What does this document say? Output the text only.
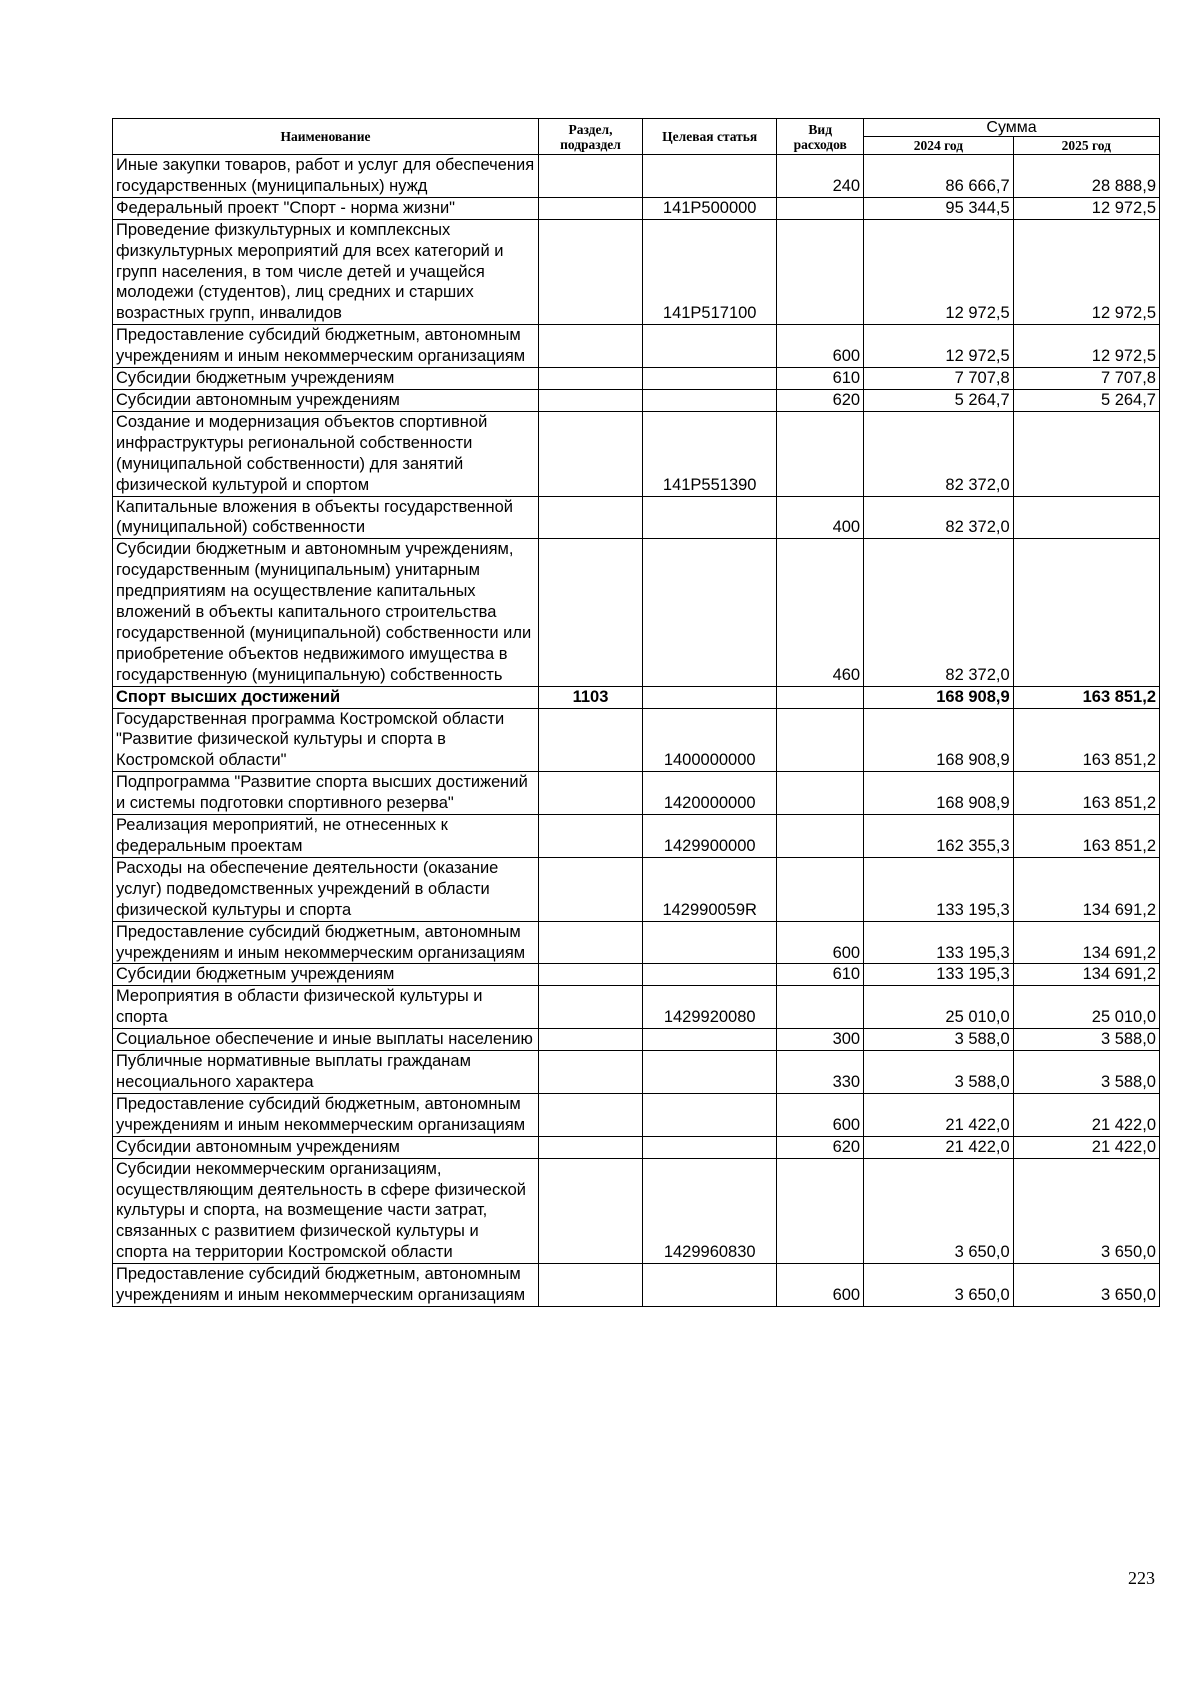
Наименование	Раздел, подраздел	Целевая статья	Вид расходов	Сумма	
				2024 год	2025 год
Иные закупки товаров, работ и услуг для обеспечения государственных (муниципальных) нужд			240	86 666,7	28 888,9
Федеральный проект "Спорт - норма жизни"		141P500000		95 344,5	12 972,5
Проведение физкультурных и комплексных физкультурных мероприятий для всех категорий и групп населения, в том числе детей и учащейся молодежи (студентов), лиц средних и старших возрастных групп, инвалидов		141P517100		12 972,5	12 972,5
Предоставление субсидий бюджетным, автономным учреждениям и иным некоммерческим организациям			600	12 972,5	12 972,5
Субсидии бюджетным учреждениям			610	7 707,8	7 707,8
Субсидии автономным учреждениям			620	5 264,7	5 264,7
Создание и модернизация объектов спортивной инфраструктуры региональной собственности (муниципальной собственности) для занятий физической культурой и спортом		141P551390		82 372,0	
Капитальные вложения в объекты государственной (муниципальной) собственности			400	82 372,0	
Субсидии бюджетным и автономным учреждениям, государственным (муниципальным) унитарным предприятиям на осуществление капитальных вложений в объекты капитального строительства государственной (муниципальной) собственности или приобретение объектов недвижимого имущества в государственную (муниципальную) собственность			460	82 372,0	
Спорт высших достижений	1103			168 908,9	163 851,2
Государственная программа Костромской области "Развитие физической культуры и спорта в Костромской области"		1400000000		168 908,9	163 851,2
Подпрограмма "Развитие спорта высших достижений и системы подготовки спортивного резерва"		1420000000		168 908,9	163 851,2
Реализация мероприятий, не отнесенных к федеральным проектам		1429900000		162 355,3	163 851,2
Расходы на обеспечение деятельности (оказание услуг) подведомственных учреждений в области физической культуры и спорта		142990059R		133 195,3	134 691,2
Предоставление субсидий бюджетным, автономным учреждениям и иным некоммерческим организациям			600	133 195,3	134 691,2
Субсидии бюджетным учреждениям			610	133 195,3	134 691,2
Мероприятия в области физической культуры и спорта		1429920080		25 010,0	25 010,0
Социальное обеспечение и иные выплаты населению			300	3 588,0	3 588,0
Публичные нормативные выплаты гражданам несоциального характера			330	3 588,0	3 588,0
Предоставление субсидий бюджетным, автономным учреждениям и иным некоммерческим организациям			600	21 422,0	21 422,0
Субсидии автономным учреждениям			620	21 422,0	21 422,0
Субсидии некоммерческим организациям, осуществляющим деятельность в сфере физической культуры и спорта, на возмещение части затрат, связанных с развитием физической культуры и спорта на территории Костромской области		1429960830		3 650,0	3 650,0
Предоставление субсидий бюджетным, автономным учреждениям и иным некоммерческим организациям			600	3 650,0	3 650,0
223
